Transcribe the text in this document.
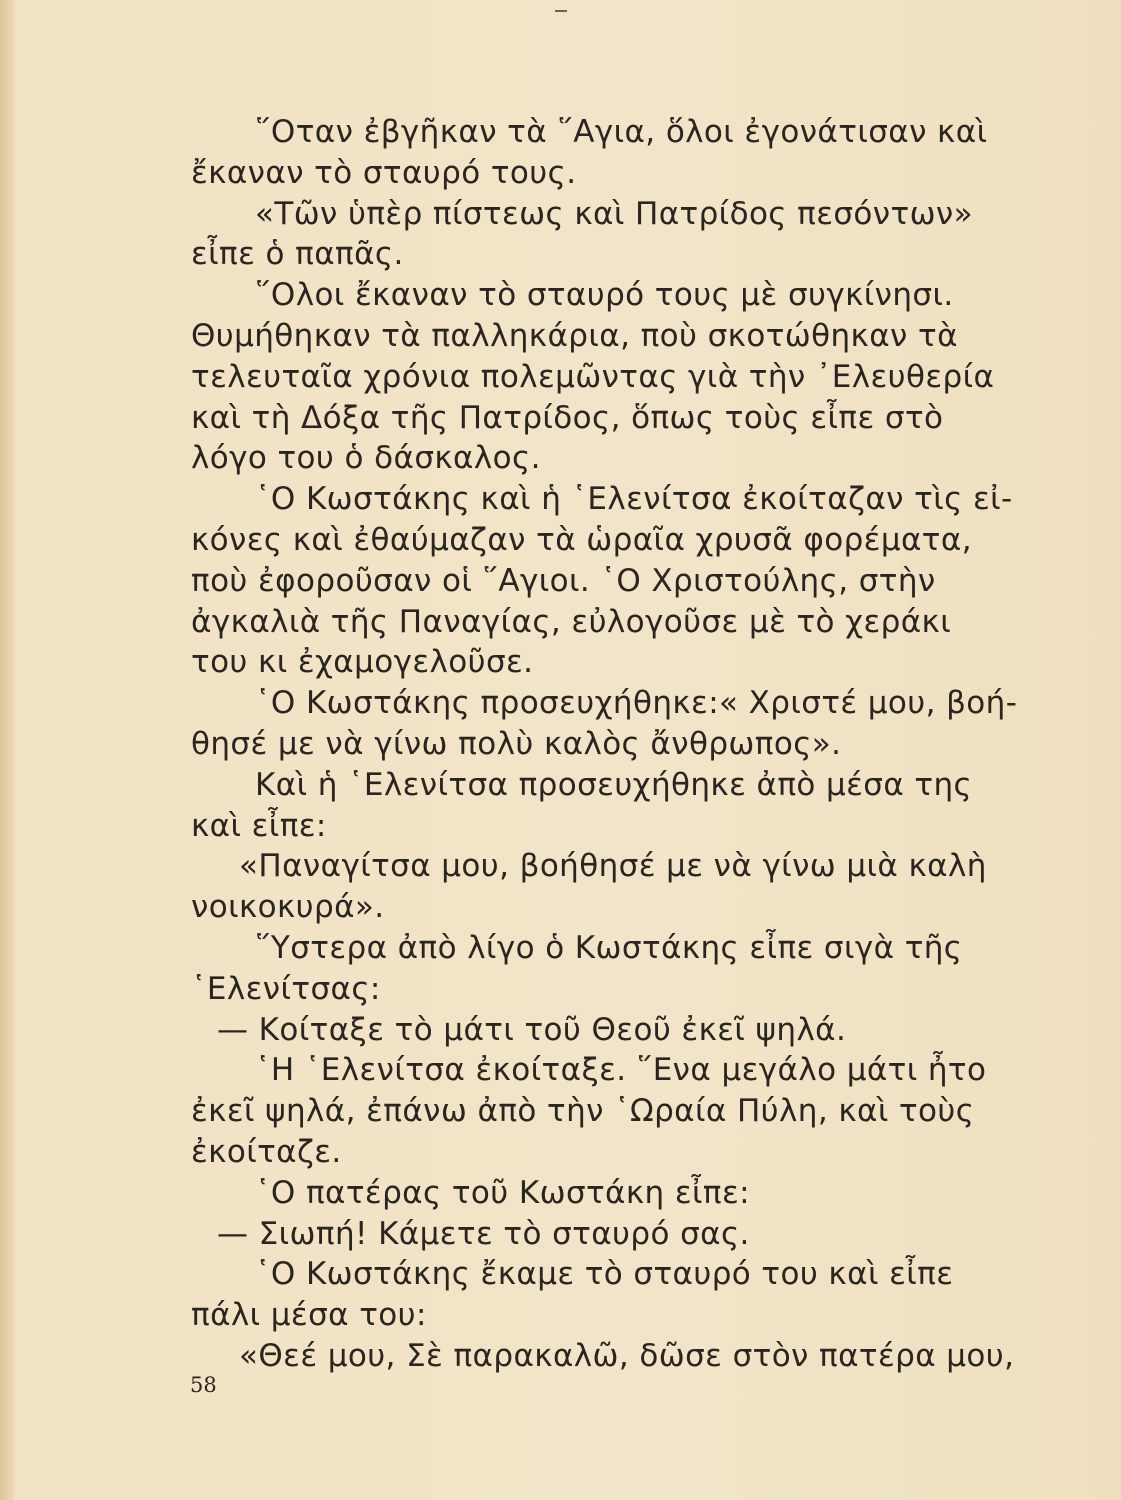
῞Οταν ἐβγῆκαν τὰ ῞Αγια, ὅλοι ἐγονάτισαν καὶ
ἔκαναν τὸ σταυρό τους.
«Τῶν ὑπὲρ πίστεως καὶ Πατρίδος πεσόντων»
εἶπε ὁ παπᾶς.
῞Ολοι ἔκαναν τὸ σταυρό τους μὲ συγκίνησι.
Θυμήθηκαν τὰ παλληκάρια, ποὺ σκοτώθηκαν τὰ
τελευταῖα χρόνια πολεμῶντας γιὰ τὴν ᾿Ελευθερία
καὶ τὴ Δόξα τῆς Πατρίδος, ὅπως τοὺς εἶπε στὸ
λόγο του ὁ δάσκαλος.
῾Ο Κωστάκης καὶ ἡ ῾Ελενίτσα ἐκοίταζαν τὶς εἰ-
κόνες καὶ ἐθαύμαζαν τὰ ὡραῖα χρυσᾶ φορέματα,
ποὺ ἐφοροῦσαν οἱ ῞Αγιοι. ῾Ο Χριστούλης, στὴν
ἀγκαλιὰ τῆς Παναγίας, εὐλογοῦσε μὲ τὸ χεράκι
του κι ἐχαμογελοῦσε.
῾Ο Κωστάκης προσευχήθηκε:« Χριστέ μου, βοή-
θησέ με νὰ γίνω πολὺ καλὸς ἄνθρωπος».
Καὶ ἡ ῾Ελενίτσα προσευχήθηκε ἀπὸ μέσα της
καὶ εἶπε:
«Παναγίτσα μου, βοήθησέ με νὰ γίνω μιὰ καλὴ
νοικοκυρά».
῞Υστερα ἀπὸ λίγο ὁ Κωστάκης εἶπε σιγὰ τῆς
῾Ελενίτσας:
— Κοίταξε τὸ μάτι τοῦ Θεοῦ ἐκεῖ ψηλά.
῾Η ῾Ελενίτσα ἐκοίταξε. ῞Ενα μεγάλο μάτι ἦτο
ἐκεῖ ψηλά, ἐπάνω ἀπὸ τὴν ῾Ωραία Πύλη, καὶ τοὺς
ἐκοίταζε.
῾Ο πατέρας τοῦ Κωστάκη εἶπε:
— Σιωπή! Κάμετε τὸ σταυρό σας.
῾Ο Κωστάκης ἔκαμε τὸ σταυρό του καὶ εἶπε
πάλι μέσα του:
«Θεέ μου, Σὲ παρακαλῶ, δῶσε στὸν πατέρα μου,
58
